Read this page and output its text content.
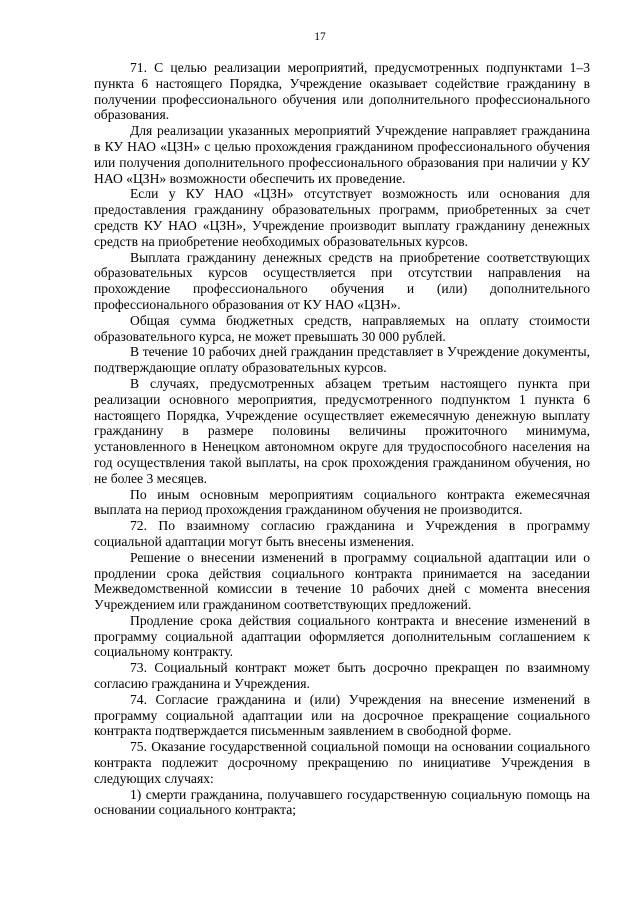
17

71. С целью реализации мероприятий, предусмотренных подпунктами 1–3 пункта 6 настоящего Порядка, Учреждение оказывает содействие гражданину в получении профессионального обучения или дополнительного профессионального образования.

Для реализации указанных мероприятий Учреждение направляет гражданина в КУ НАО «ЦЗН» с целью прохождения гражданином профессионального обучения или получения дополнительного профессионального образования при наличии у КУ НАО «ЦЗН» возможности обеспечить их проведение.

Если у КУ НАО «ЦЗН» отсутствует возможность или основания для предоставления гражданину образовательных программ, приобретенных за счет средств КУ НАО «ЦЗН», Учреждение производит выплату гражданину денежных средств на приобретение необходимых образовательных курсов.

Выплата гражданину денежных средств на приобретение соответствующих образовательных курсов осуществляется при отсутствии направления на прохождение профессионального обучения и (или) дополнительного профессионального образования от КУ НАО «ЦЗН».

Общая сумма бюджетных средств, направляемых на оплату стоимости образовательного курса, не может превышать 30 000 рублей.

В течение 10 рабочих дней гражданин представляет в Учреждение документы, подтверждающие оплату образовательных курсов.

В случаях, предусмотренных абзацем третьим настоящего пункта при реализации основного мероприятия, предусмотренного подпунктом 1 пункта 6 настоящего Порядка, Учреждение осуществляет ежемесячную денежную выплату гражданину в размере половины величины прожиточного минимума, установленного в Ненецком автономном округе для трудоспособного населения на год осуществления такой выплаты, на срок прохождения гражданином обучения, но не более 3 месяцев.

По иным основным мероприятиям социального контракта ежемесячная выплата на период прохождения гражданином обучения не производится.

72. По взаимному согласию гражданина и Учреждения в программу социальной адаптации могут быть внесены изменения.

Решение о внесении изменений в программу социальной адаптации или о продлении срока действия социального контракта принимается на заседании Межведомственной комиссии в течение 10 рабочих дней с момента внесения Учреждением или гражданином соответствующих предложений.

Продление срока действия социального контракта и внесение изменений в программу социальной адаптации оформляется дополнительным соглашением к социальному контракту.

73. Социальный контракт может быть досрочно прекращен по взаимному согласию гражданина и Учреждения.

74. Согласие гражданина и (или) Учреждения на внесение изменений в программу социальной адаптации или на досрочное прекращение социального контракта подтверждается письменным заявлением в свободной форме.

75. Оказание государственной социальной помощи на основании социального контракта подлежит досрочному прекращению по инициативе Учреждения в следующих случаях:

1) смерти гражданина, получавшего государственную социальную помощь на основании социального контракта;
